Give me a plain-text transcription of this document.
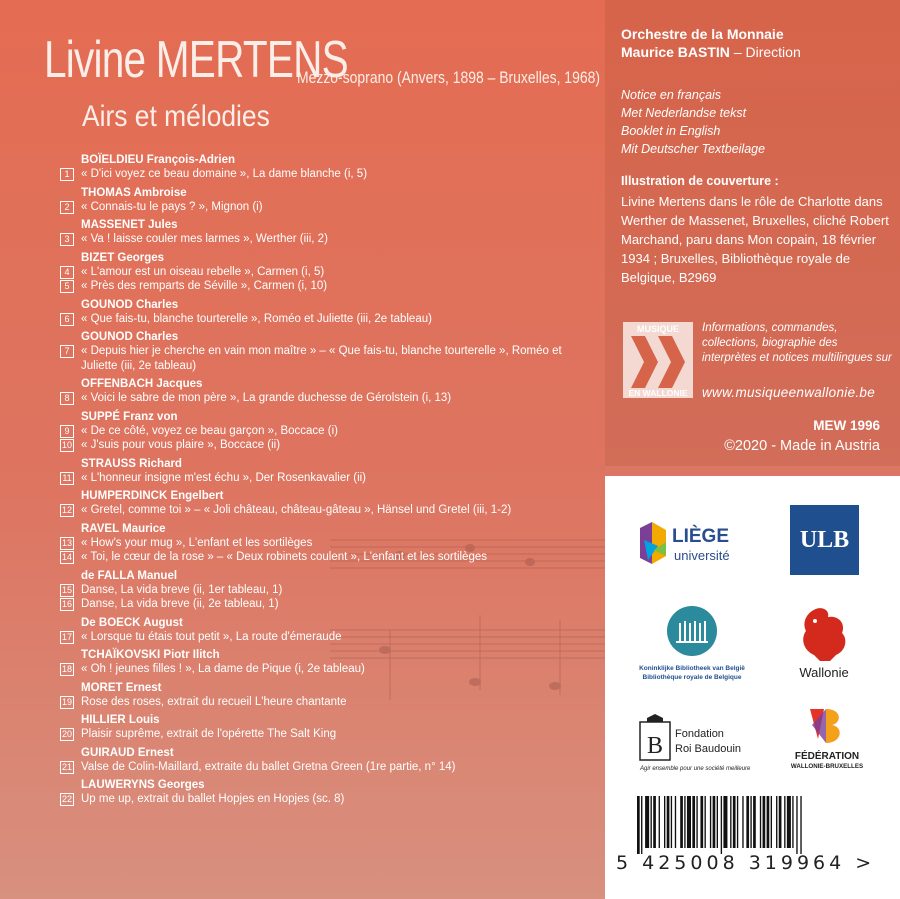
Livine MERTENS
Mezzo-soprano (Anvers, 1898 – Bruxelles, 1968)
Airs et mélodies
BOÏELDIEU François-Adrien
1	« D'ici voyez ce beau domaine », La dame blanche (i, 5)
THOMAS Ambroise
2	« Connais-tu le pays ? », Mignon (i)
MASSENET Jules
3	« Va ! laisse couler mes larmes », Werther (iii, 2)
BIZET Georges
4	« L'amour est un oiseau rebelle », Carmen (i, 5)
5	« Près des remparts de Séville », Carmen (i, 10)
GOUNOD Charles
6	« Que fais-tu, blanche tourterelle », Roméo et Juliette (iii, 2e tableau)
GOUNOD Charles
7	« Depuis hier je cherche en vain mon maître » – « Que fais-tu, blanche tourterelle », Roméo et Juliette (iii, 2e tableau)
OFFENBACH Jacques
8	« Voici le sabre de mon père », La grande duchesse de Gérolstein (i, 13)
SUPPÉ Franz von
9	« De ce côté, voyez ce beau garçon », Boccace (i)
10 « J'suis pour vous plaire », Boccace (ii)
STRAUSS Richard
11 « L'honneur insigne m'est échu », Der Rosenkavalier (ii)
HUMPERDINCK Engelbert
12 « Gretel, comme toi » – « Joli château, château-gâteau », Hänsel und Gretel (iii, 1-2)
RAVEL Maurice
13 « How's your mug », L'enfant et les sortilèges
14 « Toi, le cœur de la rose » – « Deux robinets coulent », L'enfant et les sortilèges
de FALLA Manuel
15 Danse, La vida breve (ii, 1er tableau, 1)
16 Danse, La vida breve (ii, 2e tableau, 1)
De BOECK August
17 « Lorsque tu étais tout petit », La route d'émeraude
TCHAÏKOVSKI Piotr Ilitch
18 « Oh ! jeunes filles ! », La dame de Pique (i, 2e tableau)
MORET Ernest
19 Rose des roses, extrait du recueil L'heure chantante
HILLIER Louis
20 Plaisir suprême, extrait de l'opérette The Salt King
GUIRAUD Ernest
21 Valse de Colin-Maillard, extraite du ballet Gretna Green (1re partie, n° 14)
LAUWERYNS Georges
22 Up me up, extrait du ballet Hopjes en Hopjes (sc. 8)
Orchestre de la Monnaie
Maurice BASTIN – Direction
Notice en français
Met Nederlandse tekst
Booklet in English
Mit Deutscher Textbeilage
Illustration de couverture :
Livine Mertens dans le rôle de Charlotte dans Werther de Massenet, Bruxelles, cliché Robert Marchand, paru dans Mon copain, 18 février 1934 ; Bruxelles, Bibliothèque royale de Belgique, B2969
MUSIQUE
EN WALLONIE
Informations, commandes, collections, biographie des interprètes et notices multilingues sur
www.musiqueenwallonie.be
MEW 1996
©2020 - Made in Austria
LIÈGE
université
ULB
Koninklijke Bibliotheek van België
Bibliothèque royale de Belgique	Wallonie
B Fondation
Roi Baudouin
Agir ensemble pour une société meilleure
FÉDÉRATION
WALLONIE-BRUXELLES
5 425008 319964 >
